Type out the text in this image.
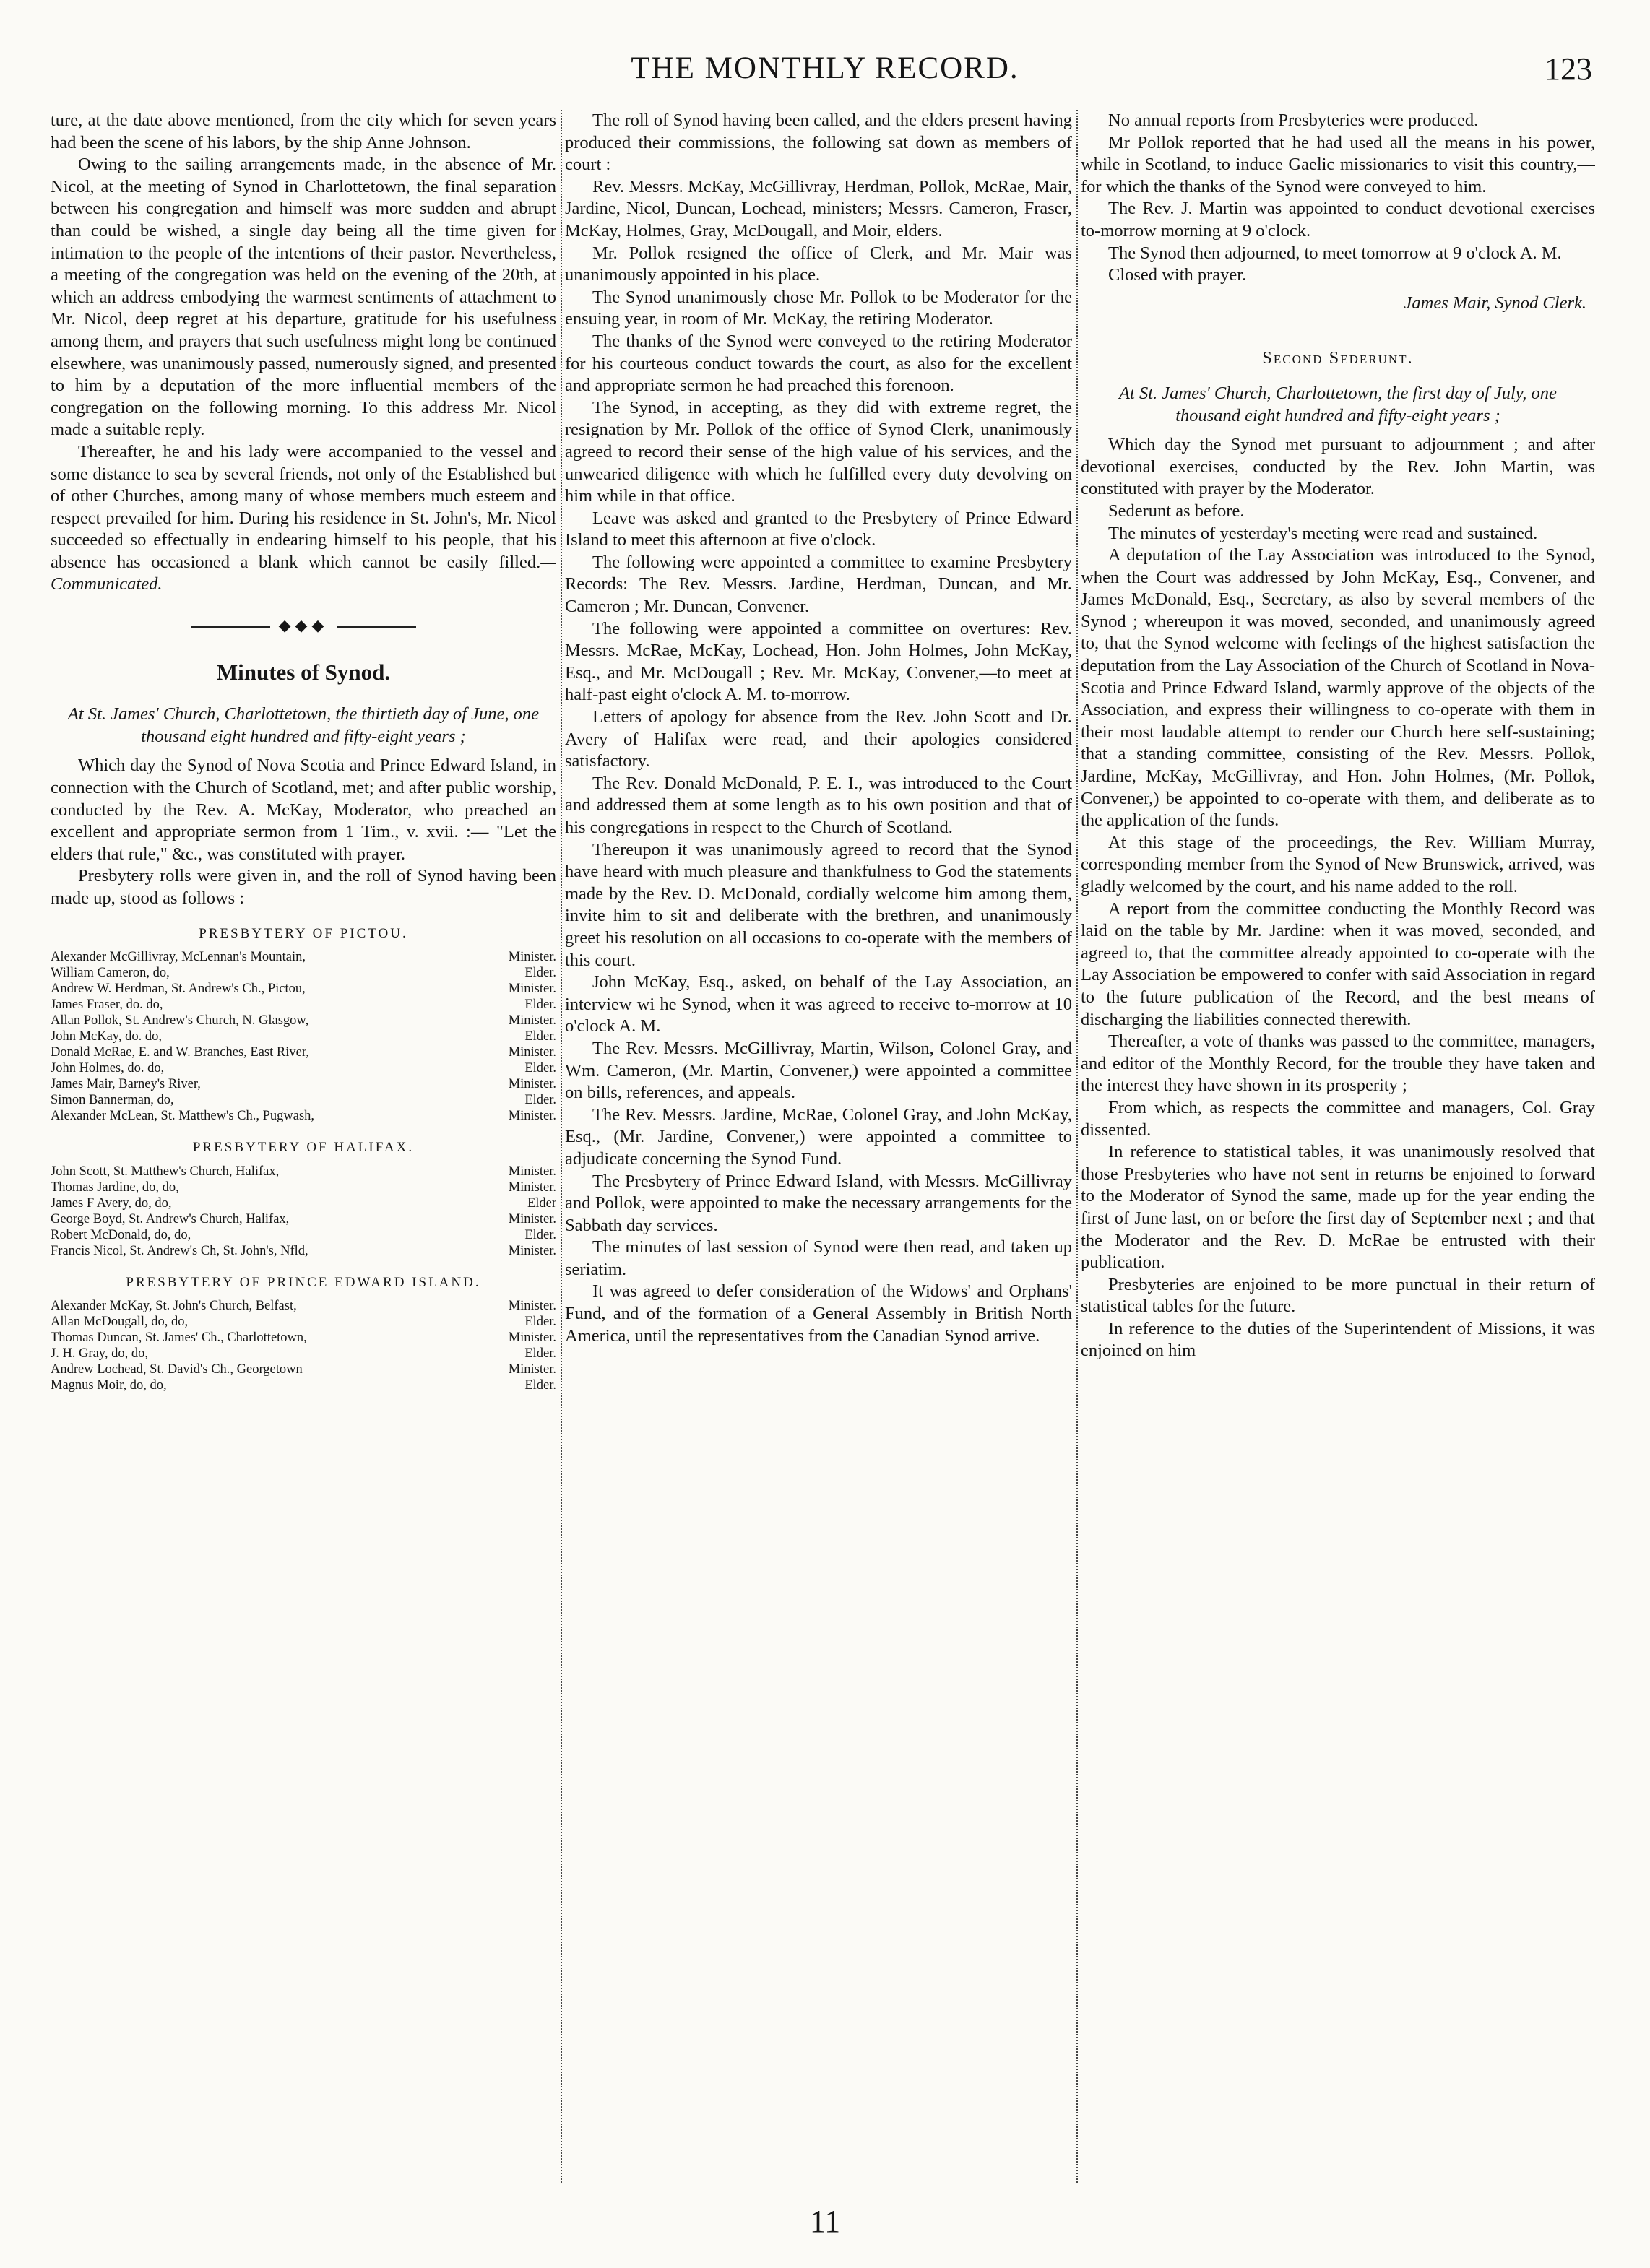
THE MONTHLY RECORD.	123

ture, at the date above mentioned, from the city which for seven years had been the scene of his labors, by the ship Anne Johnson.

Owing to the sailing arrangements made, in the absence of Mr. Nicol, at the meeting of Synod in Charlottetown, the final separation between his congregation and himself was more sudden and abrupt than could be wished, a single day being all the time given for intimation to the people of the intentions of their pastor. Nevertheless, a meeting of the congregation was held on the evening of the 20th, at which an address embodying the warmest sentiments of attachment to Mr. Nicol, deep regret at his departure, gratitude for his usefulness among them, and prayers that such usefulness might long be continued elsewhere, was unanimously passed, numerously signed, and presented to him by a deputation of the more influential members of the congregation on the following morning. To this address Mr. Nicol made a suitable reply.

Thereafter, he and his lady were accompanied to the vessel and some distance to sea by several friends, not only of the Established but of other Churches, among many of whose members much esteem and respect prevailed for him. During his residence in St. John's, Mr. Nicol succeeded so effectually in endearing himself to his people, that his absence has occasioned a blank which cannot be easily filled.—Communicated.

◆◆◆
Minutes of Synod.
At St. James' Church, Charlottetown, the thirtieth day of June, one thousand eight hundred and fifty-eight years ;

Which day the Synod of Nova Scotia and Prince Edward Island, in connection with the Church of Scotland, met; and after public worship, conducted by the Rev. A. McKay, Moderator, who preached an excellent and appropriate sermon from 1 Tim., v. xvii. :— "Let the elders that rule," &c., was constituted with prayer.

Presbytery rolls were given in, and the roll of Synod having been made up, stood as follows :

PRESBYTERY OF PICTOU.
Alexander McGillivray, McLennan's Mountain,	Minister.
William Cameron, do,	Elder.
Andrew W. Herdman, St. Andrew's Ch., Pictou,	Minister.
James Fraser, do. do,	Elder.
Allan Pollok, St. Andrew's Church, N. Glasgow,	Minister.
John McKay, do. do,	Elder.
Donald McRae, E. and W. Branches, East River,	Minister.
John Holmes, do. do,	Elder.
James Mair, Barney's River,	Minister.
Simon Bannerman, do,	Elder.
Alexander McLean, St. Matthew's Ch., Pugwash,	Minister.
PRESBYTERY OF HALIFAX.
John Scott, St. Matthew's Church, Halifax,	Minister.
Thomas Jardine, do, do,	Minister.
James F Avery, do, do,	Elder
George Boyd, St. Andrew's Church, Halifax,	Minister.
Robert McDonald, do, do,	Elder.
Francis Nicol, St. Andrew's Ch, St. John's, Nfld,	Minister.
PRESBYTERY OF PRINCE EDWARD ISLAND.
Alexander McKay, St. John's Church, Belfast,	Minister.
Allan McDougall, do, do,	Elder.
Thomas Duncan, St. James' Ch., Charlottetown,	Minister.
J. H. Gray, do, do,	Elder.
Andrew Lochead, St. David's Ch., Georgetown	Minister.
Magnus Moir, do, do,	Elder.

The roll of Synod having been called, and the elders present having produced their commissions, the following sat down as members of court :

Rev. Messrs. McKay, McGillivray, Herdman, Pollok, McRae, Mair, Jardine, Nicol, Duncan, Lochead, ministers; Messrs. Cameron, Fraser, McKay, Holmes, Gray, McDougall, and Moir, elders.

Mr. Pollok resigned the office of Clerk, and Mr. Mair was unanimously appointed in his place.

The Synod unanimously chose Mr. Pollok to be Moderator for the ensuing year, in room of Mr. McKay, the retiring Moderator.

The thanks of the Synod were conveyed to the retiring Moderator for his courteous conduct towards the court, as also for the excellent and appropriate sermon he had preached this forenoon.

The Synod, in accepting, as they did with extreme regret, the resignation by Mr. Pollok of the office of Synod Clerk, unanimously agreed to record their sense of the high value of his services, and the unwearied diligence with which he fulfilled every duty devolving on him while in that office.

Leave was asked and granted to the Presbytery of Prince Edward Island to meet this afternoon at five o'clock.

The following were appointed a committee to examine Presbytery Records: The Rev. Messrs. Jardine, Herdman, Duncan, and Mr. Cameron ; Mr. Duncan, Convener.

The following were appointed a committee on overtures: Rev. Messrs. McRae, McKay, Lochead, Hon. John Holmes, John McKay, Esq., and Mr. McDougall ; Rev. Mr. McKay, Convener,—to meet at half-past eight o'clock A. M. to-morrow.

Letters of apology for absence from the Rev. John Scott and Dr. Avery of Halifax were read, and their apologies considered satisfactory.

The Rev. Donald McDonald, P. E. I., was introduced to the Court and addressed them at some length as to his own position and that of his congregations in respect to the Church of Scotland.

Thereupon it was unanimously agreed to record that the Synod have heard with much pleasure and thankfulness to God the statements made by the Rev. D. McDonald, cordially welcome him among them, invite him to sit and deliberate with the brethren, and unanimously greet his resolution on all occasions to co-operate with the members of this court.

John McKay, Esq., asked, on behalf of the Lay Association, an interview wi he Synod, when it was agreed to receive to-morrow at 10 o'clock A. M.

The Rev. Messrs. McGillivray, Martin, Wilson, Colonel Gray, and Wm. Cameron, (Mr. Martin, Convener,) were appointed a committee on bills, references, and appeals.

The Rev. Messrs. Jardine, McRae, Colonel Gray, and John McKay, Esq., (Mr. Jardine, Convener,) were appointed a committee to adjudicate concerning the Synod Fund.

The Presbytery of Prince Edward Island, with Messrs. McGillivray and Pollok, were appointed to make the necessary arrangements for the Sabbath day services.

The minutes of last session of Synod were then read, and taken up seriatim.

It was agreed to defer consideration of the Widows' and Orphans' Fund, and of the formation of a General Assembly in British North America, until the representatives from the Canadian Synod arrive.

No annual reports from Presbyteries were produced.

Mr Pollok reported that he had used all the means in his power, while in Scotland, to induce Gaelic missionaries to visit this country,—for which the thanks of the Synod were conveyed to him.

The Rev. J. Martin was appointed to conduct devotional exercises to-morrow morning at 9 o'clock.

The Synod then adjourned, to meet tomorrow at 9 o'clock A. M.

Closed with prayer.

James Mair, Synod Clerk.
Second Sederunt.
At St. James' Church, Charlottetown, the first day of July, one thousand eight hundred and fifty-eight years ;

Which day the Synod met pursuant to adjournment ; and after devotional exercises, conducted by the Rev. John Martin, was constituted with prayer by the Moderator.

Sederunt as before.

The minutes of yesterday's meeting were read and sustained.

A deputation of the Lay Association was introduced to the Synod, when the Court was addressed by John McKay, Esq., Convener, and James McDonald, Esq., Secretary, as also by several members of the Synod ; whereupon it was moved, seconded, and unanimously agreed to, that the Synod welcome with feelings of the highest satisfaction the deputation from the Lay Association of the Church of Scotland in Nova-Scotia and Prince Edward Island, warmly approve of the objects of the Association, and express their willingness to co-operate with them in their most laudable attempt to render our Church here self-sustaining; that a standing committee, consisting of the Rev. Messrs. Pollok, Jardine, McKay, McGillivray, and Hon. John Holmes, (Mr. Pollok, Convener,) be appointed to co-operate with them, and deliberate as to the application of the funds.

At this stage of the proceedings, the Rev. William Murray, corresponding member from the Synod of New Brunswick, arrived, was gladly welcomed by the court, and his name added to the roll.

A report from the committee conducting the Monthly Record was laid on the table by Mr. Jardine: when it was moved, seconded, and agreed to, that the committee already appointed to co-operate with the Lay Association be empowered to confer with said Association in regard to the future publication of the Record, and the best means of discharging the liabilities connected therewith.

Thereafter, a vote of thanks was passed to the committee, managers, and editor of the Monthly Record, for the trouble they have taken and the interest they have shown in its prosperity ;

From which, as respects the committee and managers, Col. Gray dissented.

In reference to statistical tables, it was unanimously resolved that those Presbyteries who have not sent in returns be enjoined to forward to the Moderator of Synod the same, made up for the year ending the first of June last, on or before the first day of September next ; and that the Moderator and the Rev. D. McRae be entrusted with their publication.

Presbyteries are enjoined to be more punctual in their return of statistical tables for the future.

In reference to the duties of the Superintendent of Missions, it was enjoined on him

11
